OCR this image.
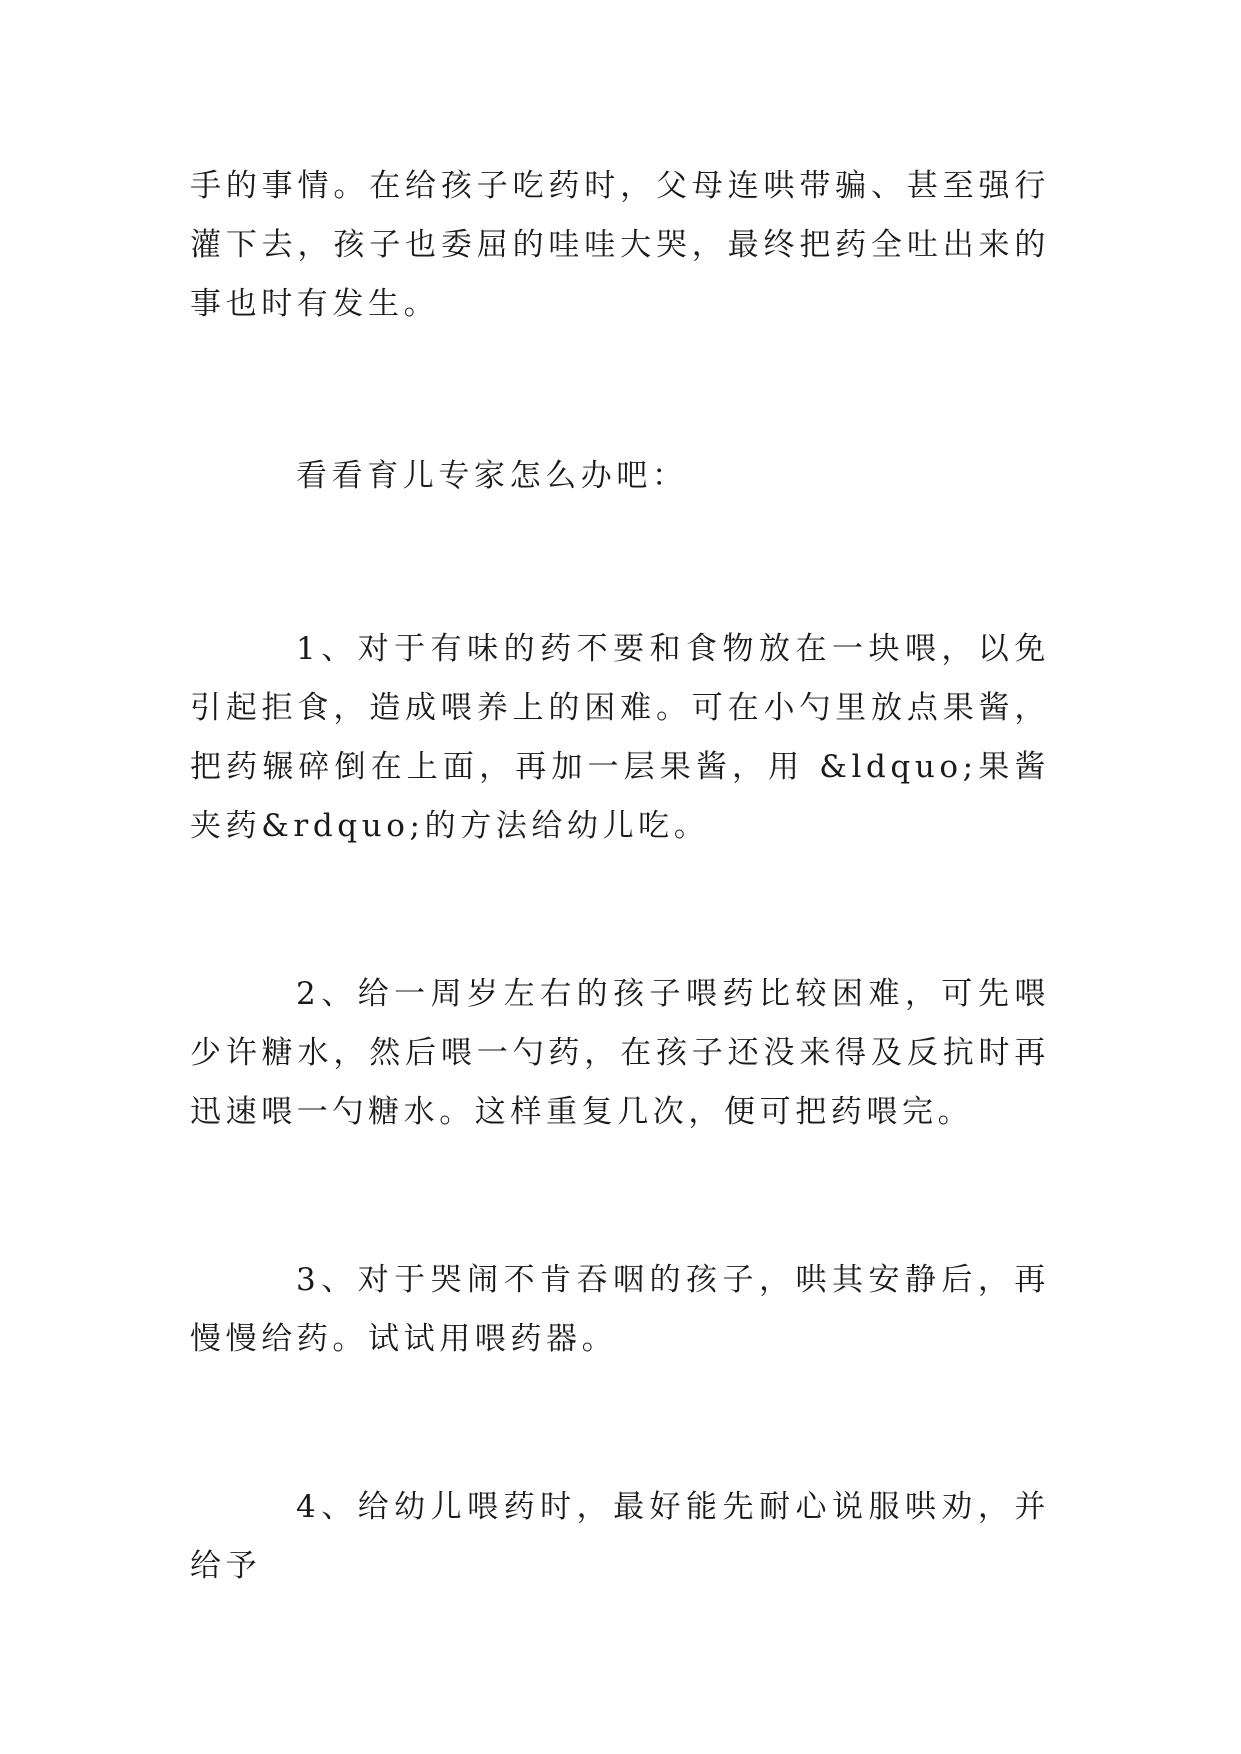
手的事情。在给孩子吃药时，父母连哄带骗、甚至强行灌下去，孩子也委屈的哇哇大哭，最终把药全吐出来的事也时有发生。

看看育儿专家怎么办吧：

1、对于有味的药不要和食物放在一块喂，以免引起拒食，造成喂养上的困难。可在小勺里放点果酱，把药辗碎倒在上面，再加一层果酱，用 &ldquo;果酱夹药&rdquo;的方法给幼儿吃。

2、给一周岁左右的孩子喂药比较困难，可先喂少许糖水，然后喂一勺药，在孩子还没来得及反抗时再迅速喂一勺糖水。这样重复几次，便可把药喂完。

3、对于哭闹不肯吞咽的孩子，哄其安静后，再慢慢给药。试试用喂药器。

4、给幼儿喂药时，最好能先耐心说服哄劝，并给予
